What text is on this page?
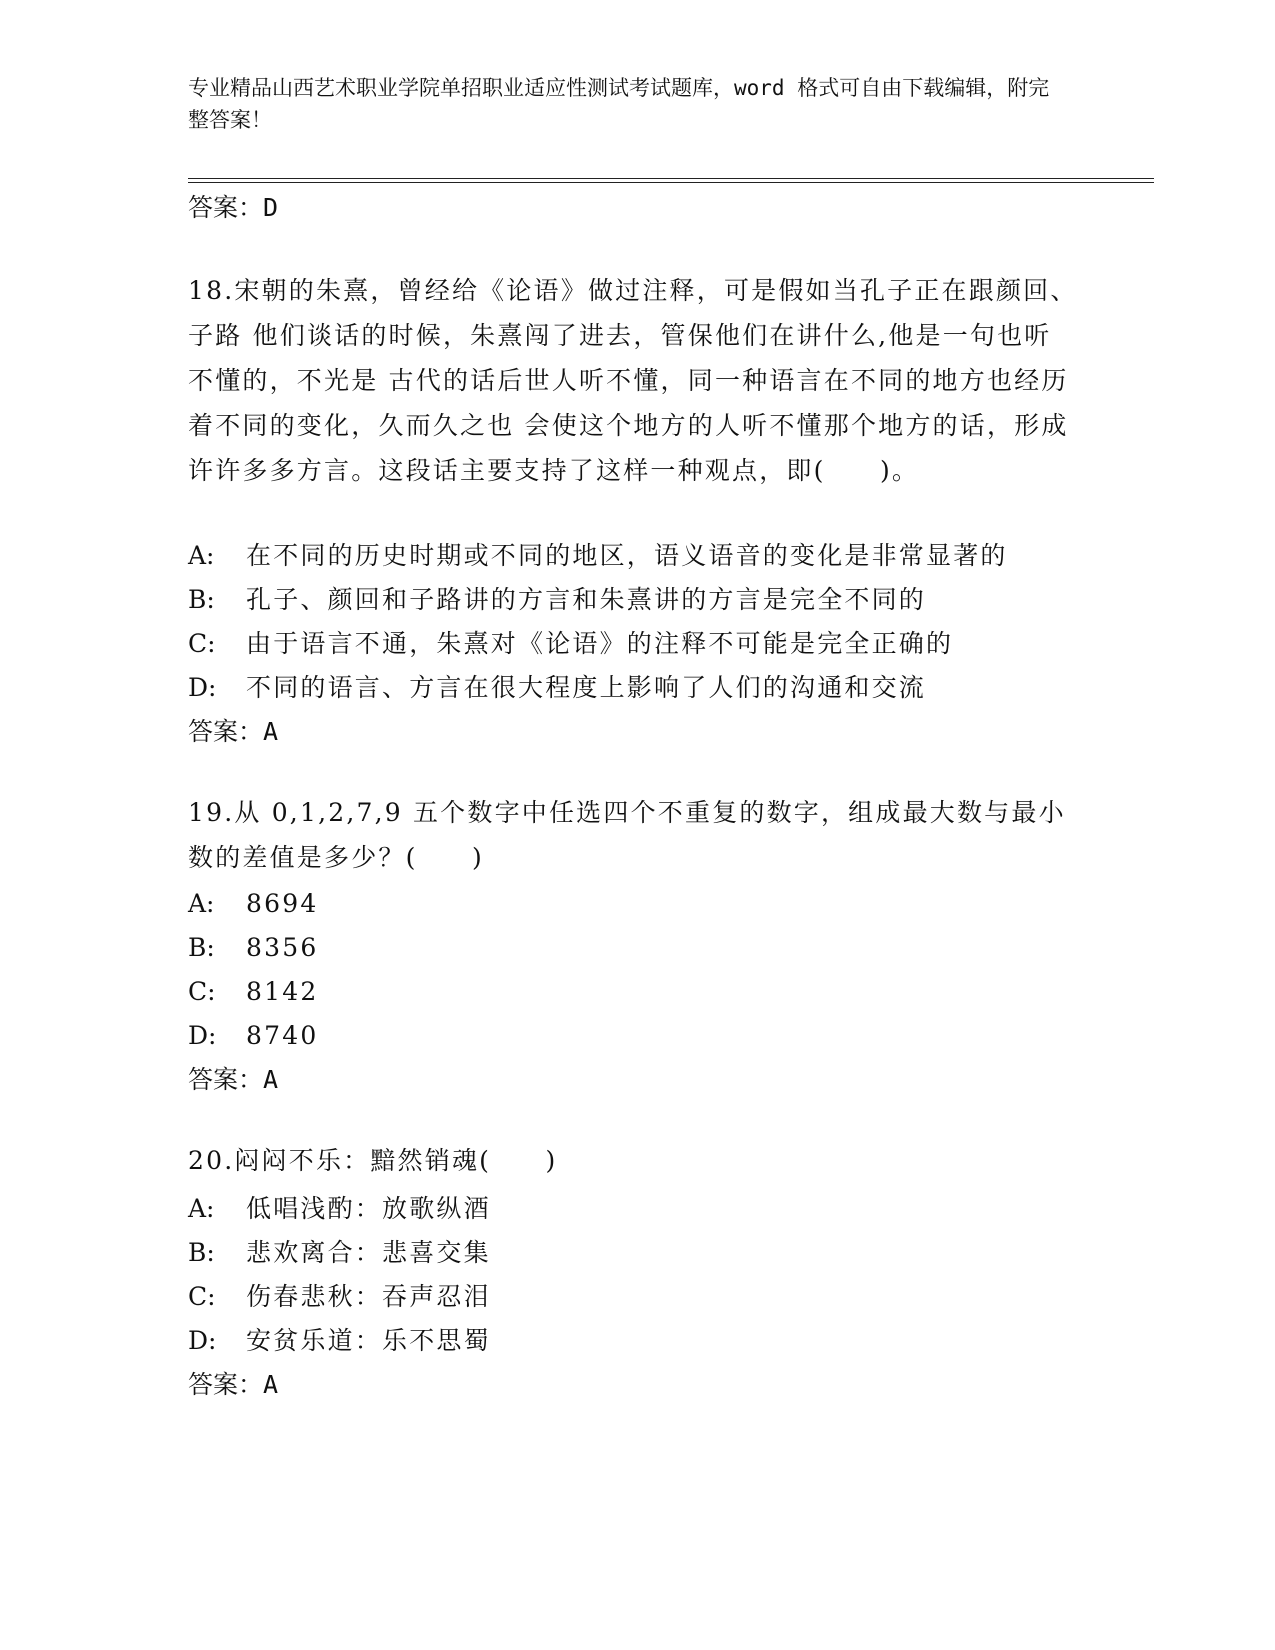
专业精品山西艺术职业学院单招职业适应性测试考试题库，word 格式可自由下载编辑，附完整答案！
答案：D
18.宋朝的朱熹，曾经给《论语》做过注释，可是假如当孔子正在跟颜回、子路 他们谈话的时候，朱熹闯了进去，管保他们在讲什么,他是一句也听不懂的，不光是 古代的话后世人听不懂，同一种语言在不同的地方也经历着不同的变化，久而久之也 会使这个地方的人听不懂那个地方的话，形成许许多多方言。这段话主要支持了这样一种观点，即(　　)。
A: 在不同的历史时期或不同的地区，语义语音的变化是非常显著的
B: 孔子、颜回和子路讲的方言和朱熹讲的方言是完全不同的
C: 由于语言不通，朱熹对《论语》的注释不可能是完全正确的
D: 不同的语言、方言在很大程度上影响了人们的沟通和交流
答案：A
19.从 0,1,2,7,9 五个数字中任选四个不重复的数字，组成最大数与最小数的差值是多少？(　　)
A: 8694
B: 8356
C: 8142
D: 8740
答案：A
20.闷闷不乐：黯然销魂(　　)
A: 低唱浅酌：放歌纵酒
B: 悲欢离合：悲喜交集
C: 伤春悲秋：吞声忍泪
D: 安贫乐道：乐不思蜀
答案：A
